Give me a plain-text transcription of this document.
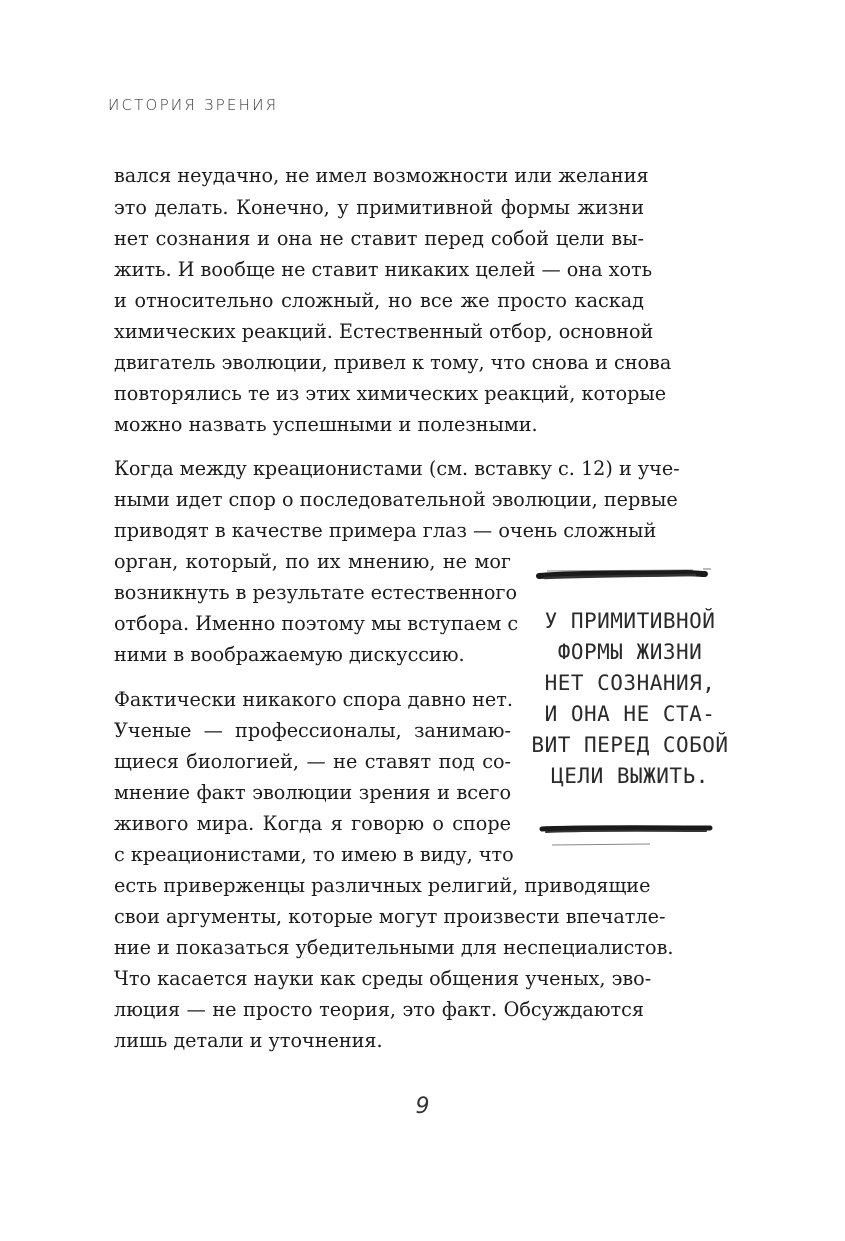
ИСТОРИЯ ЗРЕНИЯ
вался неудачно, не имел возможности или желания
это делать. Конечно, у примитивной формы жизни
нет сознания и она не ставит перед собой цели вы-
жить. И вообще не ставит никаких целей — она хоть
и относительно сложный, но все же просто каскад
химических реакций. Естественный отбор, основной
двигатель эволюции, привел к тому, что снова и снова
повторялись те из этих химических реакций, которые
можно назвать успешными и полезными.
Когда между креационистами (см. вставку с. 12) и уче-
ными идет спор о последовательной эволюции, первые
приводят в качестве примера глаз — очень сложный
орган, который, по их мнению, не мог
возникнуть в результате естественного
отбора. Именно поэтому мы вступаем с
ними в воображаемую дискуссию.
Фактически никакого спора давно нет.
Ученые — профессионалы, занимаю-
щиеся биологией, — не ставят под со-
мнение факт эволюции зрения и всего
живого мира. Когда я говорю о споре
с креационистами, то имею в виду, что
есть приверженцы различных религий, приводящие
свои аргументы, которые могут произвести впечатле-
ние и показаться убедительными для неспециалистов.
Что касается науки как среды общения ученых, эво-
люция — не просто теория, это факт. Обсуждаются
лишь детали и уточнения.
У ПРИМИТИВНОЙ
ФОРМЫ ЖИЗНИ
НЕТ СОЗНАНИЯ,
И ОНА НЕ СТА-
ВИТ ПЕРЕД СОБОЙ
ЦЕЛИ ВЫЖИТЬ.
9
